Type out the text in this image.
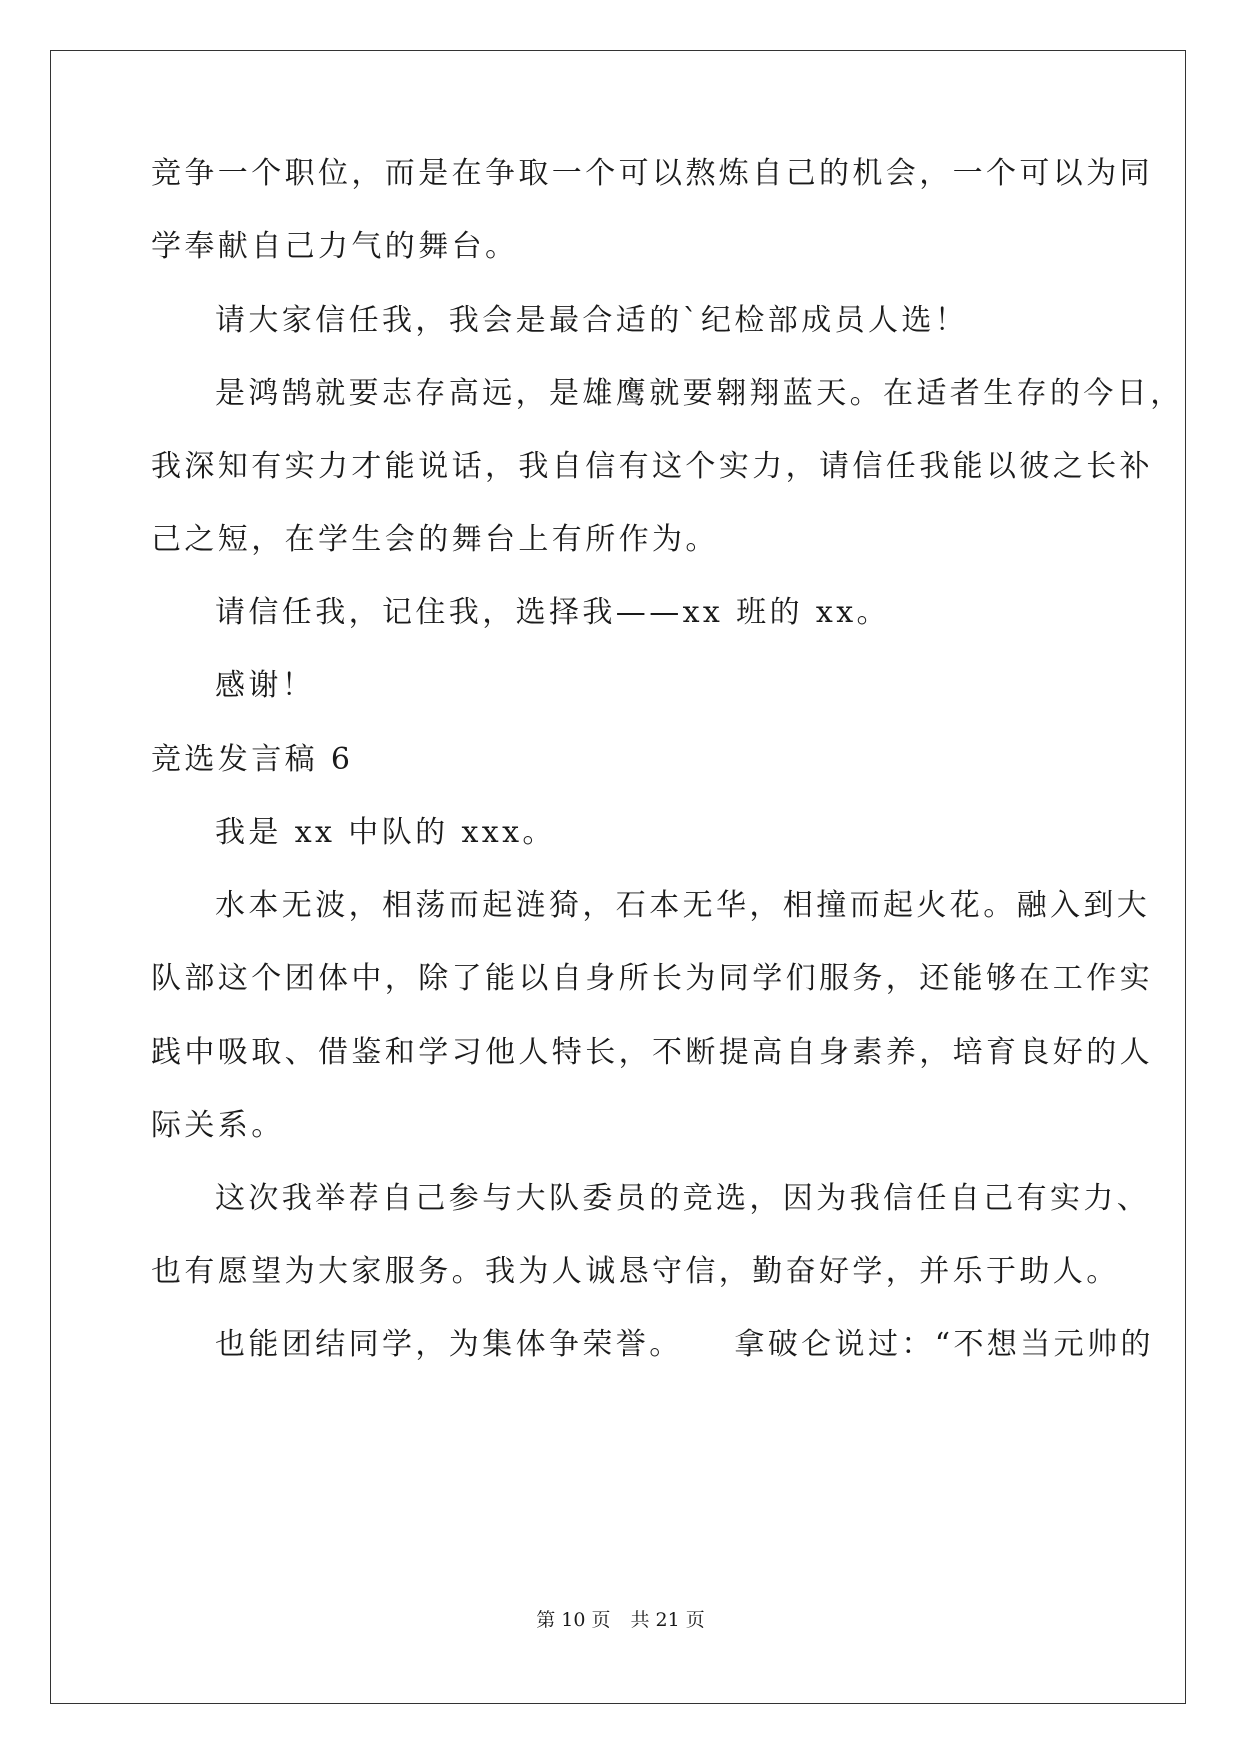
竞争一个职位，而是在争取一个可以熬炼自己的机会，一个可以为同
学奉献自己力气的舞台。
请大家信任我，我会是最合适的`纪检部成员人选！
是鸿鹄就要志存高远，是雄鹰就要翱翔蓝天。在适者生存的今日，
我深知有实力才能说话，我自信有这个实力，请信任我能以彼之长补
己之短，在学生会的舞台上有所作为。
请信任我，记住我，选择我——xx 班的 xx。
感谢！
竞选发言稿 6
我是 xx 中队的 xxx。
水本无波，相荡而起涟猗，石本无华，相撞而起火花。融入到大
队部这个团体中，除了能以自身所长为同学们服务，还能够在工作实
践中吸取、借鉴和学习他人特长，不断提高自身素养，培育良好的人
际关系。
这次我举荐自己参与大队委员的竞选，因为我信任自己有实力、
也有愿望为大家服务。我为人诚恳守信，勤奋好学，并乐于助人。
也能团结同学，为集体争荣誉。    拿破仑说过：“不想当元帅的
第 10 页 共 21 页
